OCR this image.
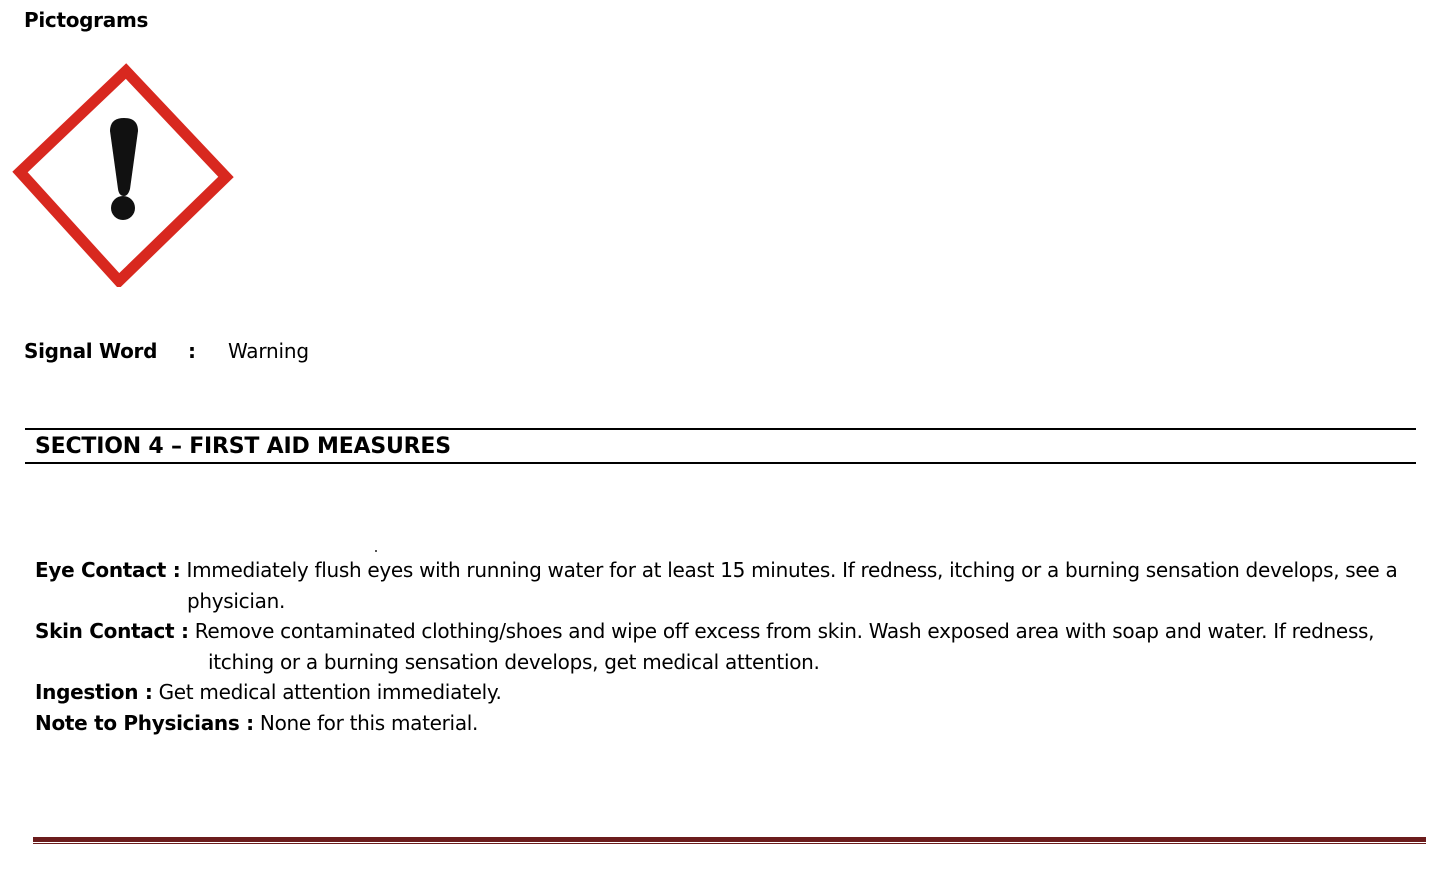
Pictograms
Signal Word : Warning
SECTION 4 – FIRST AID MEASURES

Eye Contact : Immediately flush eyes with running water for at least 15 minutes. If redness, itching or a burning sensation develops, see a physician.

Skin Contact : Remove contaminated clothing/shoes and wipe off excess from skin. Wash exposed area with soap and water. If redness, itching or a burning sensation develops, get medical attention.

Ingestion : Get medical attention immediately.

Note to Physicians : None for this material.
